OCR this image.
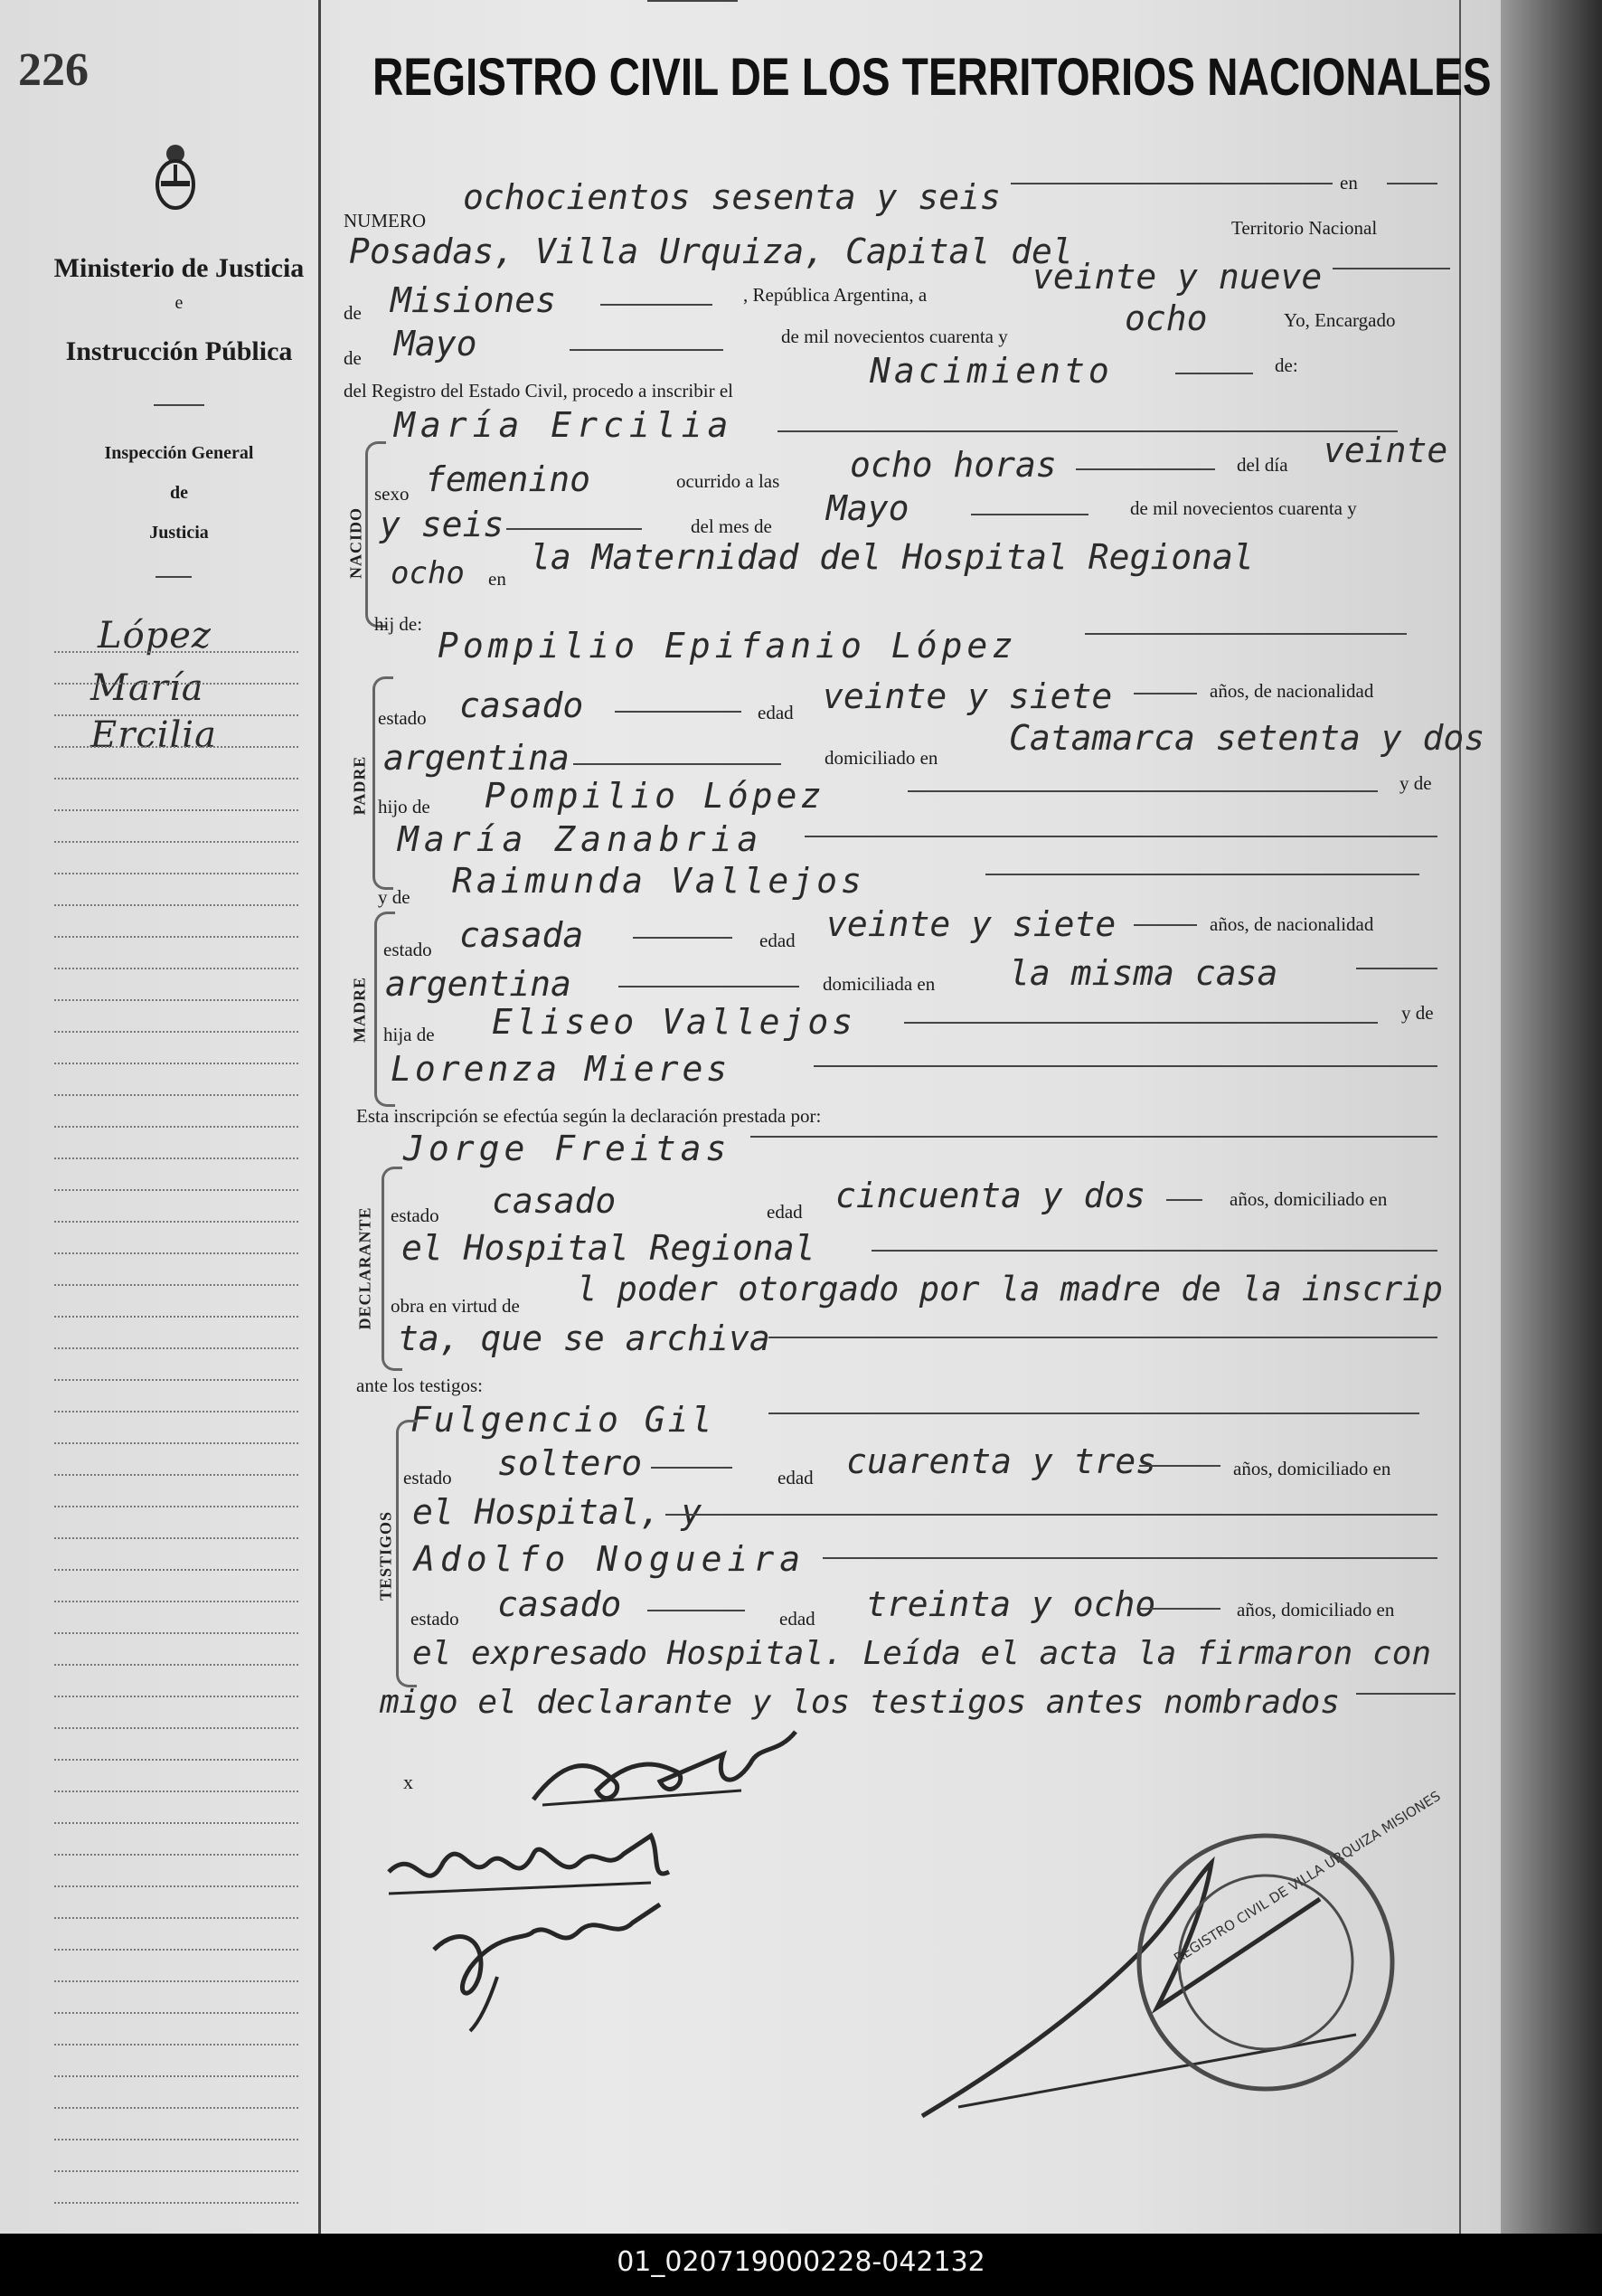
226
Ministerio de Justicia
e
Instrucción Pública
Inspección General
de
Justicia
López
María
Ercilia
REGISTRO CIVIL DE LOS TERRITORIOS NACIONALES
NUMERO
ochocientos sesenta y seis	en
Posadas, Villa Urquiza, Capital del
Territorio Nacional
de Misiones	, República Argentina, a	veinte y nueve
de Mayo	de mil novecientos cuarenta y	ocho	Yo, Encargado
del Registro del Estado Civil, procedo a inscribir el	Nacimiento	de:
NACIDO
María Ercilia
sexo femenino	ocurrido a las ocho horas	del día veinte
y seis	del mes de Mayo	de mil novecientos cuarenta y
ocho en
la Maternidad del Hospital Regional
hij de:
Pompilio Epifanio López
PADRE
estado casado	edad veinte y siete	años, de nacionalidad
argentina	domiciliado en Catamarca setenta y dos
hijo de Pompilio López	y de
María Zanabria
y de Raimunda Vallejos
MADRE
estado casada	edad veinte y siete	años, de nacionalidad
argentina	domiciliada en la misma casa
hija de Eliseo Vallejos	y de
Lorenza Mieres
Esta inscripción se efectúa según la declaración prestada por:
Jorge Freitas
DECLARANTE estado casado	edad cincuenta y dos	años, domiciliado en
el Hospital Regional
obra en virtud de l poder otorgado por la madre de la inscrip
ta, que se archiva
ante los testigos:
Fulgencio Gil
TESTIGOS
estado soltero	edad cuarenta y tres	años, domiciliado en
el Hospital, y
Adolfo Nogueira
estado casado	edad treinta y ocho	años, domiciliado en
el expresado Hospital. Leída el acta la firmaron con
migo el declarante y los testigos antes nombrados
x
REGISTRO CIVIL DE VILLA URQUIZA MISIONES
01_020719000228-042132
